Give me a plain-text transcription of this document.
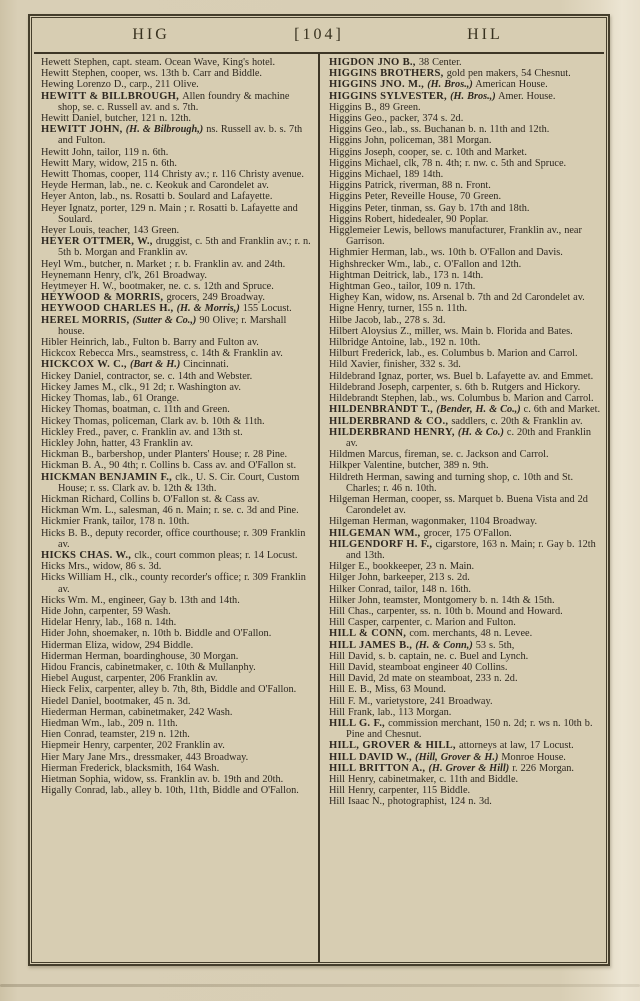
HIG	[104]	HIL

Hewett Stephen, capt. steam. Ocean Wave, King's hotel.

Hewitt Stephen, cooper, ws. 13th b. Carr and Biddle.

Hewing Lorenzo D., carp., 211 Olive.

HEWITT & BILLBROUGH, Allen foundry & machine shop, se. c. Russell av. and s. 7th.

Hewitt Daniel, butcher, 121 n. 12th.

HEWITT JOHN, (H. & Bilbrough,) ns. Russell av. b. s. 7th and Fulton.

Hewitt John, tailor, 119 n. 6th.

Hewitt Mary, widow, 215 n. 6th.

Hewitt Thomas, cooper, 114 Christy av.; r. 116 Christy avenue.

Heyde Herman, lab., ne. c. Keokuk and Carondelet av.

Heyer Anton, lab., ns. Rosatti b. Soulard and Lafayette.

Heyer Ignatz, porter, 129 n. Main ; r. Rosatti b. Lafayette and Soulard.

Heyer Louis, teacher, 143 Green.

HEYER OTTMER, W., druggist, c. 5th and Franklin av.; r. n. 5th b. Morgan and Franklin av.

Heyl Wm., butcher, n. Market ; r. b. Franklin av. and 24th.

Heynemann Henry, cl'k, 261 Broadway.

Heytmeyer H. W., bootmaker, ne. c. s. 12th and Spruce.

HEYWOOD & MORRIS, grocers, 249 Broadway.

HEYWOOD CHARLES H., (H. & Morris,) 155 Locust.

HEREL MORRIS, (Sutter & Co.,) 90 Olive; r. Marshall house.

Hibler Heinrich, lab., Fulton b. Barry and Fulton av.

Hickcox Rebecca Mrs., seamstress, c. 14th & Franklin av.

HICKCOX W. C., (Bart & H.) Cincinnati.

Hickey Daniel, contractor, se. c. 14th and Webster.

Hickey James M., clk., 91 2d; r. Washington av.

Hickey Thomas, lab., 61 Orange.

Hickey Thomas, boatman, c. 11th and Green.

Hickey Thomas, policeman, Clark av. b. 10th & 11th.

Hickley Fred., paver, c. Franklin av. and 13th st.

Hickley John, hatter, 43 Franklin av.

Hickman B., barbershop, under Planters' House; r. 28 Pine.

Hickman B. A., 90 4th; r. Collins b. Cass av. and O'Fallon st.

HICKMAN BENJAMIN F., clk., U. S. Cir. Court, Custom House; r. ss. Clark av. b. 12th & 13th.

Hickman Richard, Collins b. O'Fallon st. & Cass av.

Hickman Wm. L., salesman, 46 n. Main; r. se. c. 3d and Pine.

Hickmier Frank, tailor, 178 n. 10th.

Hicks B. B., deputy recorder, office courthouse; r. 309 Franklin av.

HICKS CHAS. W., clk., court common pleas; r. 14 Locust.

Hicks Mrs., widow, 86 s. 3d.

Hicks William H., clk., county recorder's office; r. 309 Franklin av.

Hicks Wm. M., engineer, Gay b. 13th and 14th.

Hide John, carpenter, 59 Wash.

Hidelar Henry, lab., 168 n. 14th.

Hider John, shoemaker, n. 10th b. Biddle and O'Fallon.

Hiderman Eliza, widow, 294 Biddle.

Hiderman Herman, boardinghouse, 30 Morgan.

Hidou Francis, cabinetmaker, c. 10th & Mullanphy.

Hiebel August, carpenter, 206 Franklin av.

Hieck Felix, carpenter, alley b. 7th, 8th, Biddle and O'Fallon.

Hiedel Daniel, bootmaker, 45 n. 3d.

Hiederman Herman, cabinetmaker, 242 Wash.

Hiedman Wm., lab., 209 n. 11th.

Hien Conrad, teamster, 219 n. 12th.

Hiepmeir Henry, carpenter, 202 Franklin av.

Hier Mary Jane Mrs., dressmaker, 443 Broadway.

Hierman Frederick, blacksmith, 164 Wash.

Hietman Sophia, widow, ss. Franklin av. b. 19th and 20th.

Higally Conrad, lab., alley b. 10th, 11th, Biddle and O'Fallon.

HIGDON JNO B., 38 Center.

HIGGINS BROTHERS, gold pen makers, 54 Chesnut.

HIGGINS JNO. M., (H. Bros.,) American House.

HIGGINS SYLVESTER, (H. Bros.,) Amer. House.

Higgins B., 89 Green.

Higgins Geo., packer, 374 s. 2d.

Higgins Geo., lab., ss. Buchanan b. n. 11th and 12th.

Higgins John, policeman, 381 Morgan.

Higgins Joseph, cooper, se. c. 10th and Market.

Higgins Michael, clk, 78 n. 4th; r. nw. c. 5th and Spruce.

Higgins Michael, 189 14th.

Higgins Patrick, riverman, 88 n. Front.

Higgins Peter, Reveille House, 70 Green.

Higgins Peter, tinman, ss. Gay b. 17th and 18th.

Higgins Robert, hidedealer, 90 Poplar.

Higglemeier Lewis, bellows manufacturer, Franklin av., near Garrison.

Highmier Herman, lab., ws. 10th b. O'Fallon and Davis.

Highshrecker Wm., lab., c. O'Fallon and 12th.

Hightman Deitrick, lab., 173 n. 14th.

Hightman Geo., tailor, 109 n. 17th.

Highey Kan, widow, ns. Arsenal b. 7th and 2d Carondelet av.

Higne Henry, turner, 155 n. 11th.

Hilbe Jacob, lab., 278 s. 3d.

Hilbert Aloysius Z., miller, ws. Main b. Florida and Bates.

Hilbridge Antoine, lab., 192 n. 10th.

Hilburt Frederick, lab., es. Columbus b. Marion and Carrol.

Hild Xavier, finisher, 332 s. 3d.

Hildebrand Ignaz, porter, ws. Buel b. Lafayette av. and Emmet.

Hildebrand Joseph, carpenter, s. 6th b. Rutgers and Hickory.

Hildebrandt Stephen, lab., ws. Columbus b. Marion and Carrol.

HILDENBRANDT T., (Bender, H. & Co.,) c. 6th and Market.

HILDERBRAND & CO., saddlers, c. 20th & Franklin av.

HILDERBRAND HENRY, (H. & Co.) c. 20th and Franklin av.

Hildmen Marcus, fireman, se. c. Jackson and Carrol.

Hilkper Valentine, butcher, 389 n. 9th.

Hildreth Herman, sawing and turning shop, c. 10th and St. Charles; r. 46 n. 10th.

Hilgeman Herman, cooper, ss. Marquet b. Buena Vista and 2d Carondelet av.

Hilgeman Herman, wagonmaker, 1104 Broadway.

HILGEMAN WM., grocer, 175 O'Fallon.

HILGENDORF H. F., cigarstore, 163 n. Main; r. Gay b. 12th and 13th.

Hilger E., bookkeeper, 23 n. Main.

Hilger John, barkeeper, 213 s. 2d.

Hilker Conrad, tailor, 148 n. 16th.

Hilker John, teamster, Montgomery b. n. 14th & 15th.

Hill Chas., carpenter, ss. n. 10th b. Mound and Howard.

Hill Casper, carpenter, c. Marion and Fulton.

HILL & CONN, com. merchants, 48 n. Levee.

HILL JAMES B., (H. & Conn,) 53 s. 5th,

Hill David, s. b. captain, ne. c. Buel and Lynch.

Hill David, steamboat engineer 40 Collins.

Hill David, 2d mate on steamboat, 233 n. 2d.

Hill E. B., Miss, 63 Mound.

Hill F. M., varietystore, 241 Broadway.

Hill Frank, lab., 113 Morgan.

HILL G. F., commission merchant, 150 n. 2d; r. ws n. 10th b. Pine and Chesnut.

HILL, GROVER & HILL, attorneys at law, 17 Locust.

HILL DAVID W., (Hill, Grover & H.) Monroe House.

HILL BRITTON A., (H. Grover & Hill) r. 226 Morgan.

Hill Henry, cabinetmaker, c. 11th and Biddle.

Hill Henry, carpenter, 115 Biddle.

Hill Isaac N., photographist, 124 n. 3d.
